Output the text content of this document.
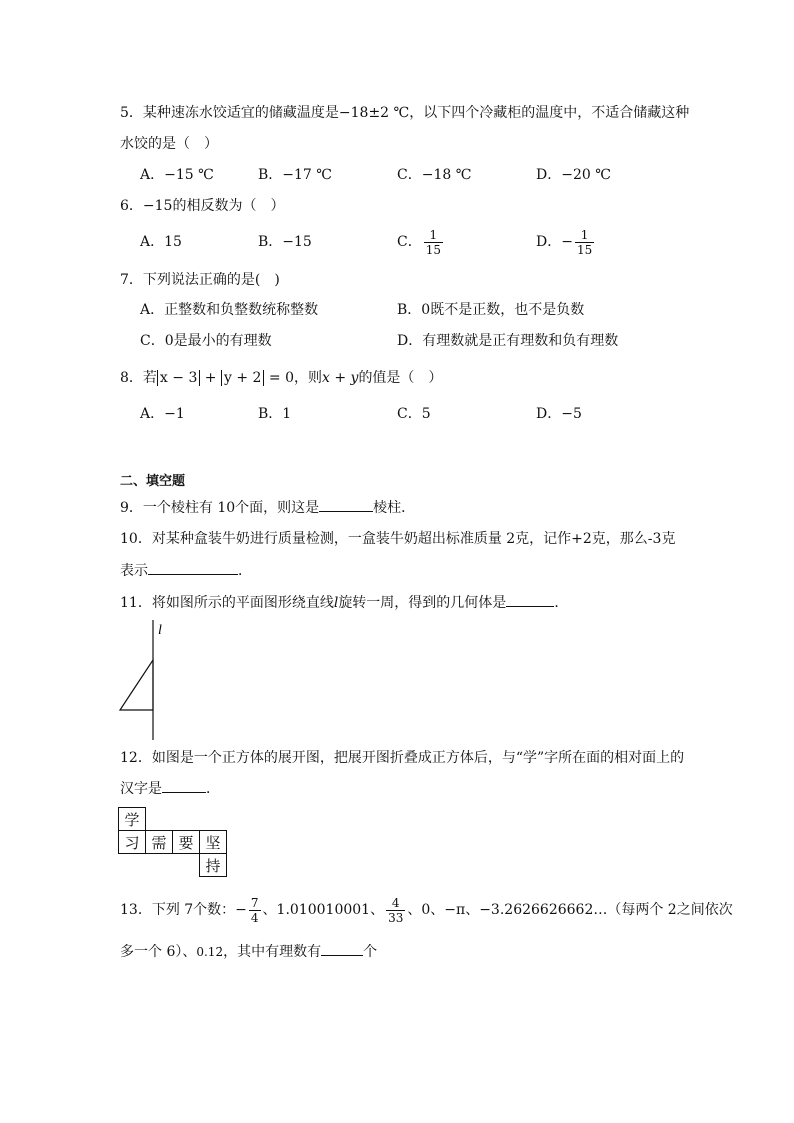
5．某种速冻水饺适宜的储藏温度是−18±2 ℃，以下四个冷藏柜的温度中，不适合储藏这种
水饺的是（　）
A．−15 ℃	B．−17 ℃	C．−18 ℃	D．−20 ℃
6．−15的相反数为（　）
A．15	B．−15	C． $\frac{1}{15}$	D．− $\frac{1}{15}$
7．下列说法正确的是(　)
A．正整数和负整数统称整数	B．0既不是正数，也不是负数
C．0是最小的有理数	D．有理数就是正有理数和负有理数
8．若 x − 3 + y + 2 = 0，则x + y的值是（　）
A．−1	B．1	C．5	D．−5
二、填空题
9．一个棱柱有 10个面，则这是	棱柱．
10．对某种盒装牛奶进行质量检测，一盒装牛奶超出标准质量 2克，记作+2克，那么-3克
表示	．
11．将如图所示的平面图形绕直线l旋转一周，得到的几何体是	．
l
12．如图是一个正方体的展开图，把展开图折叠成正方体后，与“学”字所在面的相对面上的
汉字是	．
学			
习	需	要	坚
			持
13．下列 7个数：− $\frac{7}{4}$ 、1.010010001、 $\frac{4}{33}$ 、0、−π、−3.2626626662…（每两个 2之间依次
多一个 6）、0.12̇，其中有理数有	个
